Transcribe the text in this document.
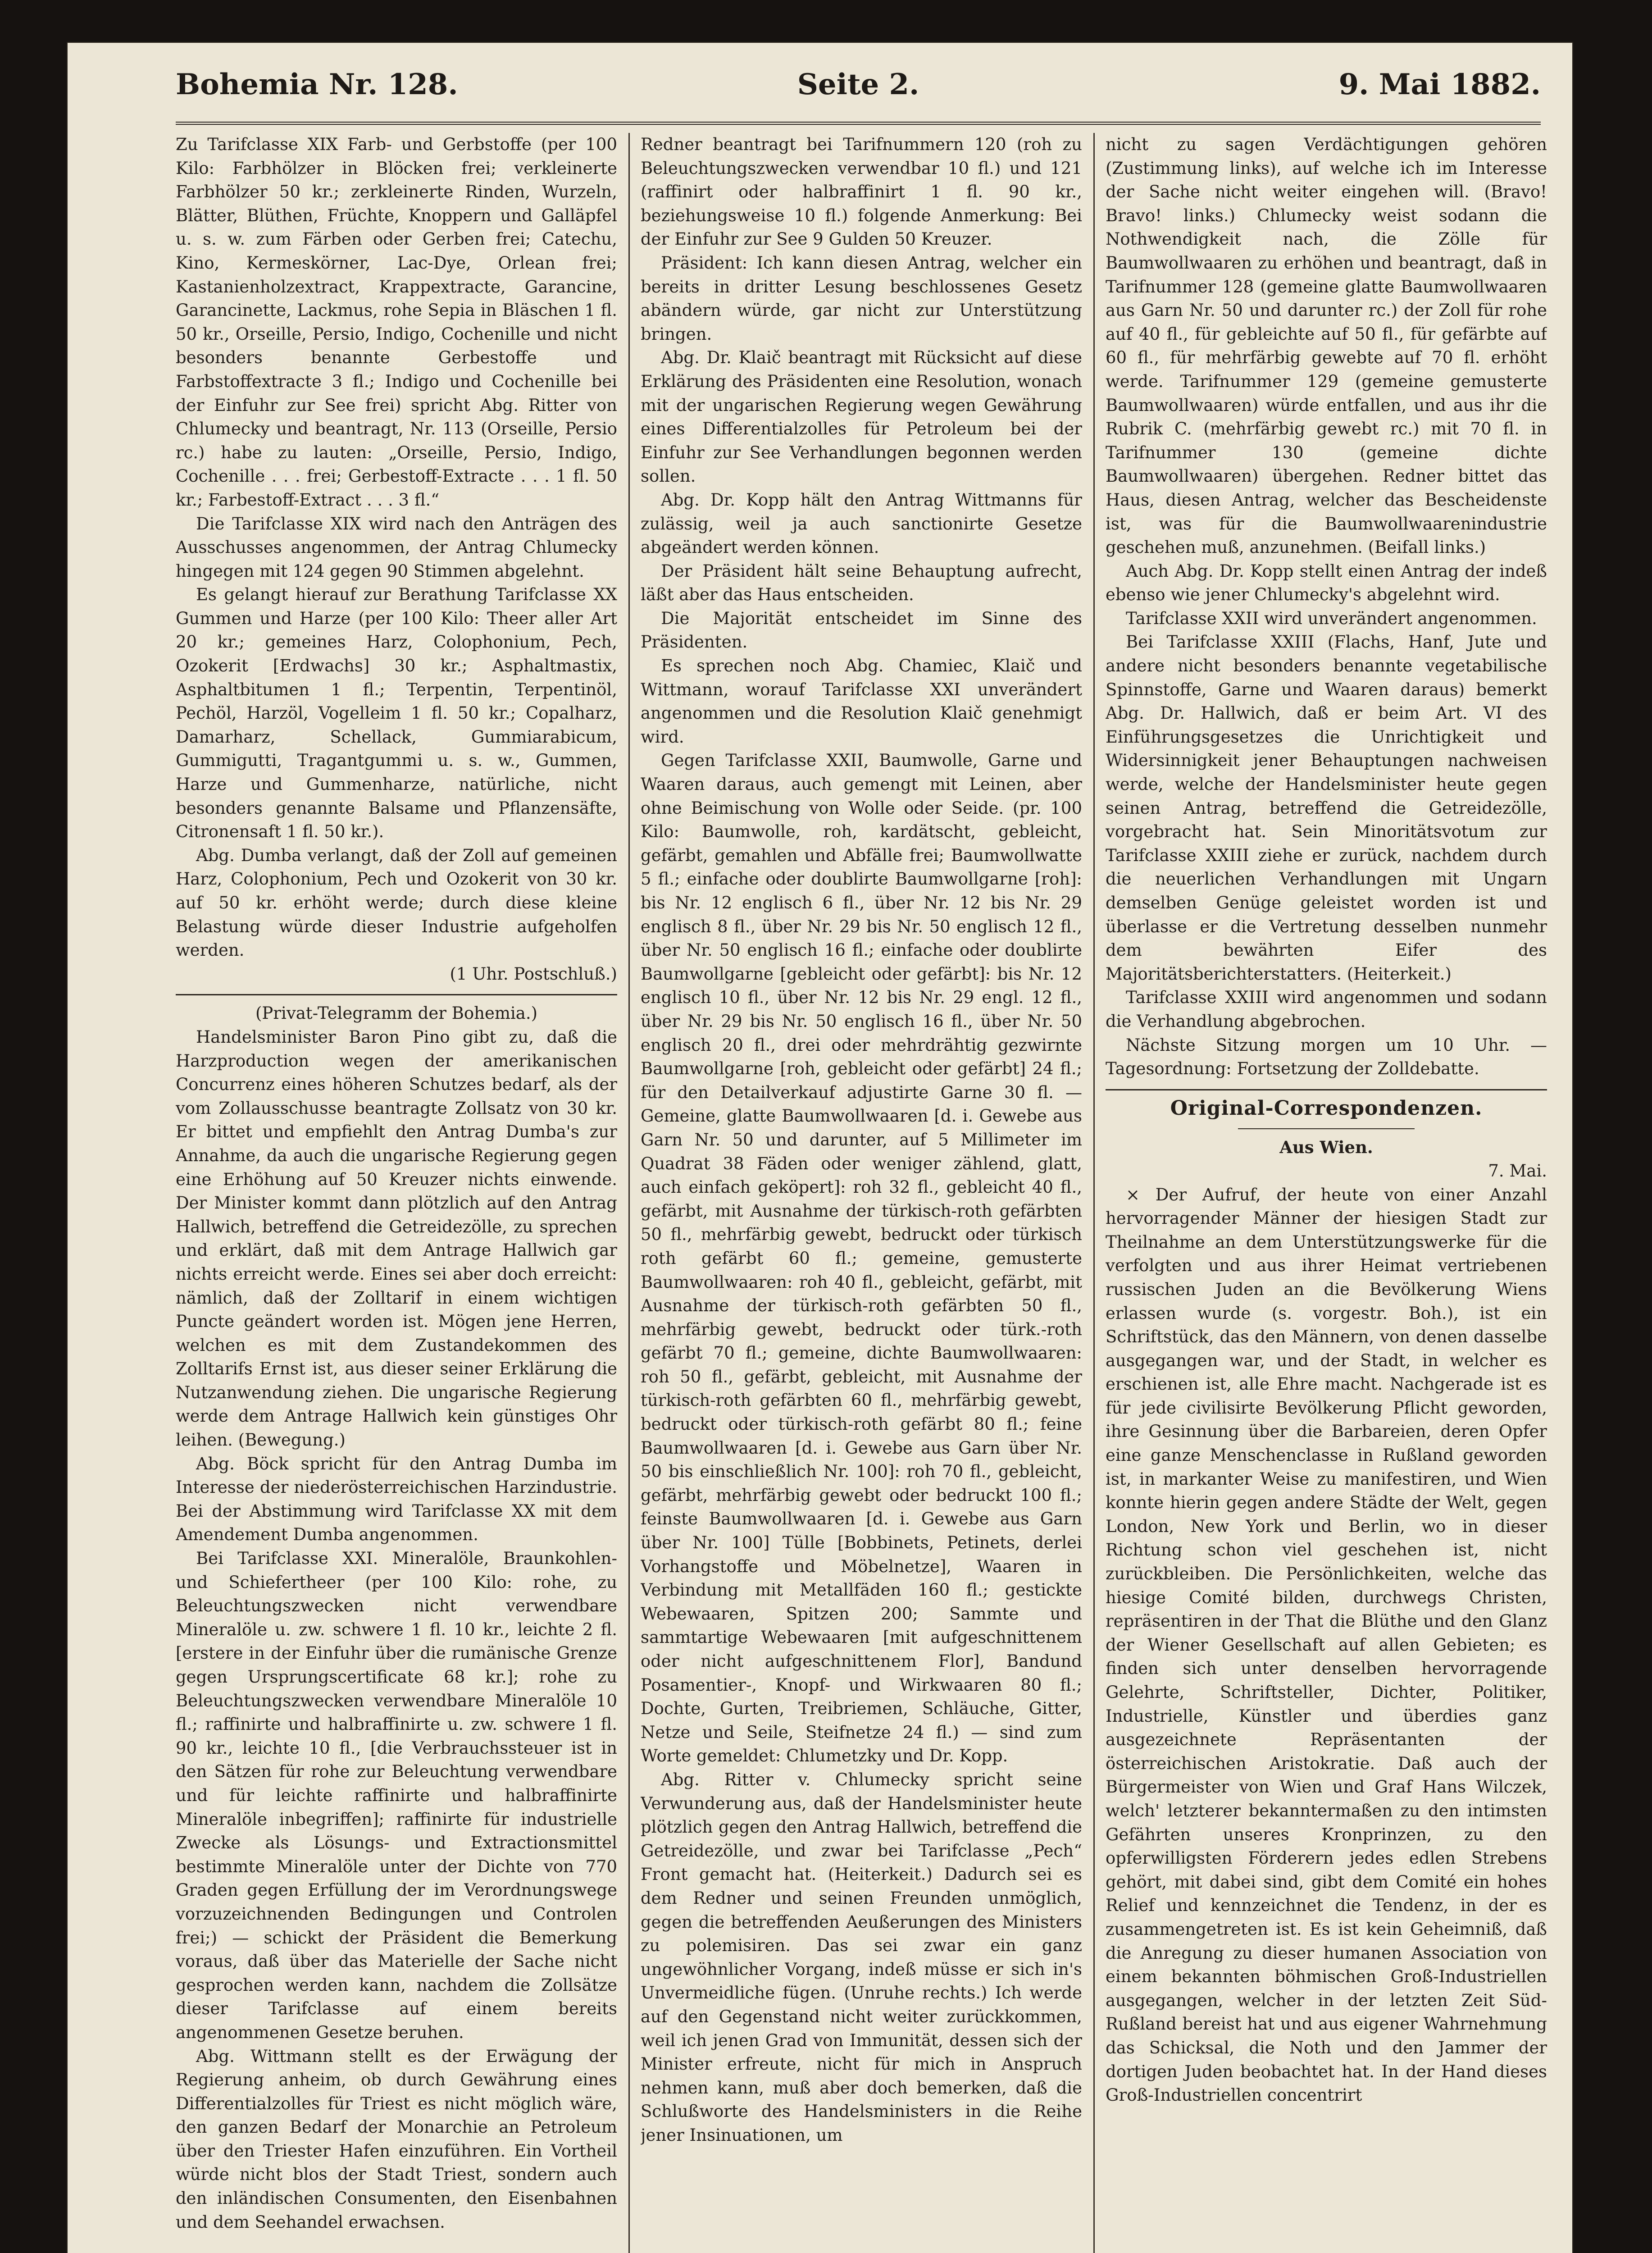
Bohemia Nr. 128.	Seite 2.	9. Mai 1882.

Zu Tarifclasse XIX Farb- und Gerbstoffe (per 100 Kilo: Farbhölzer in Blöcken frei; verkleinerte Farbhölzer 50 kr.; zerkleinerte Rinden, Wurzeln, Blätter, Blüthen, Früchte, Knoppern und Galläpfel u. s. w. zum Färben oder Gerben frei; Catechu, Kino, Kermeskörner, Lac-Dye, Orlean frei; Kastanienholzextract, Krappextracte, Garancine, Garancinette, Lackmus, rohe Sepia in Bläschen 1 fl. 50 kr., Orseille, Persio, Indigo, Cochenille und nicht besonders benannte Gerbestoffe und Farbstoffextracte 3 fl.; Indigo und Cochenille bei der Einfuhr zur See frei) spricht Abg. Ritter von Chlumecky und beantragt, Nr. 113 (Orseille, Persio rc.) habe zu lauten: „Orseille, Persio, Indigo, Cochenille . . . frei; Gerbestoff-Extracte . . . 1 fl. 50 kr.; Farbestoff-Extract . . . 3 fl.“

Die Tarifclasse XIX wird nach den Anträgen des Ausschusses angenommen, der Antrag Chlumecky hingegen mit 124 gegen 90 Stimmen abgelehnt.

Es gelangt hierauf zur Berathung Tarifclasse XX Gummen und Harze (per 100 Kilo: Theer aller Art 20 kr.; gemeines Harz, Colophonium, Pech, Ozokerit [Erdwachs] 30 kr.; Asphaltmastix, Asphaltbitumen 1 fl.; Terpentin, Terpentinöl, Pechöl, Harzöl, Vogelleim 1 fl. 50 kr.; Copalharz, Damarharz, Schellack, Gummiarabicum, Gummigutti, Tragantgummi u. s. w., Gummen, Harze und Gummenharze, natürliche, nicht besonders genannte Balsame und Pflanzensäfte, Citronensaft 1 fl. 50 kr.).

Abg. Dumba verlangt, daß der Zoll auf gemeinen Harz, Colophonium, Pech und Ozokerit von 30 kr. auf 50 kr. erhöht werde; durch diese kleine Belastung würde dieser Industrie aufgeholfen werden.

(1 Uhr. Postschluß.)

(Privat-Telegramm der Bohemia.)

Handelsminister Baron Pino gibt zu, daß die Harzproduction wegen der amerikanischen Concurrenz eines höheren Schutzes bedarf, als der vom Zollausschusse beantragte Zollsatz von 30 kr. Er bittet und empfiehlt den Antrag Dumba's zur Annahme, da auch die ungarische Regierung gegen eine Erhöhung auf 50 Kreuzer nichts einwende. Der Minister kommt dann plötzlich auf den Antrag Hallwich, betreffend die Getreidezölle, zu sprechen und erklärt, daß mit dem Antrage Hallwich gar nichts erreicht werde. Eines sei aber doch erreicht: nämlich, daß der Zolltarif in einem wichtigen Puncte geändert worden ist. Mögen jene Herren, welchen es mit dem Zustandekommen des Zolltarifs Ernst ist, aus dieser seiner Erklärung die Nutzanwendung ziehen. Die ungarische Regierung werde dem Antrage Hallwich kein günstiges Ohr leihen. (Bewegung.)

Abg. Böck spricht für den Antrag Dumba im Interesse der niederösterreichischen Harzindustrie. Bei der Abstimmung wird Tarifclasse XX mit dem Amendement Dumba angenommen.

Bei Tarifclasse XXI. Mineralöle, Braunkohlen- und Schiefertheer (per 100 Kilo: rohe, zu Beleuchtungszwecken nicht verwendbare Mineralöle u. zw. schwere 1 fl. 10 kr., leichte 2 fl. [erstere in der Einfuhr über die rumänische Grenze gegen Ursprungscertificate 68 kr.]; rohe zu Beleuchtungszwecken verwendbare Mineralöle 10 fl.; raffinirte und halbraffinirte u. zw. schwere 1 fl. 90 kr., leichte 10 fl., [die Verbrauchssteuer ist in den Sätzen für rohe zur Beleuchtung verwendbare und für leichte raffinirte und halbraffinirte Mineralöle inbegriffen]; raffinirte für industrielle Zwecke als Lösungs- und Extractionsmittel bestimmte Mineralöle unter der Dichte von 770 Graden gegen Erfüllung der im Verordnungswege vorzuzeichnenden Bedingungen und Controlen frei;) — schickt der Präsident die Bemerkung voraus, daß über das Materielle der Sache nicht gesprochen werden kann, nachdem die Zollsätze dieser Tarifclasse auf einem bereits angenommenen Gesetze beruhen.

Abg. Wittmann stellt es der Erwägung der Regierung anheim, ob durch Gewährung eines Differentialzolles für Triest es nicht möglich wäre, den ganzen Bedarf der Monarchie an Petroleum über den Triester Hafen einzuführen. Ein Vortheil würde nicht blos der Stadt Triest, sondern auch den inländischen Consumenten, den Eisenbahnen und dem Seehandel erwachsen.

Redner beantragt bei Tarifnummern 120 (roh zu Beleuchtungszwecken verwendbar 10 fl.) und 121 (raffinirt oder halbraffinirt 1 fl. 90 kr., beziehungsweise 10 fl.) folgende Anmerkung: Bei der Einfuhr zur See 9 Gulden 50 Kreuzer.

Präsident: Ich kann diesen Antrag, welcher ein bereits in dritter Lesung beschlossenes Gesetz abändern würde, gar nicht zur Unterstützung bringen.

Abg. Dr. Klaič beantragt mit Rücksicht auf diese Erklärung des Präsidenten eine Resolution, wonach mit der ungarischen Regierung wegen Gewährung eines Differentialzolles für Petroleum bei der Einfuhr zur See Verhandlungen begonnen werden sollen.

Abg. Dr. Kopp hält den Antrag Wittmanns für zulässig, weil ja auch sanctionirte Gesetze abgeändert werden können.

Der Präsident hält seine Behauptung aufrecht, läßt aber das Haus entscheiden.

Die Majorität entscheidet im Sinne des Präsidenten.

Es sprechen noch Abg. Chamiec, Klaič und Wittmann, worauf Tarifclasse XXI unverändert angenommen und die Resolution Klaič genehmigt wird.

Gegen Tarifclasse XXII, Baumwolle, Garne und Waaren daraus, auch gemengt mit Leinen, aber ohne Beimischung von Wolle oder Seide. (pr. 100 Kilo: Baumwolle, roh, kardätscht, gebleicht, gefärbt, gemahlen und Abfälle frei; Baumwollwatte 5 fl.; einfache oder doublirte Baumwollgarne [roh]: bis Nr. 12 englisch 6 fl., über Nr. 12 bis Nr. 29 englisch 8 fl., über Nr. 29 bis Nr. 50 englisch 12 fl., über Nr. 50 englisch 16 fl.; einfache oder doublirte Baumwollgarne [gebleicht oder gefärbt]: bis Nr. 12 englisch 10 fl., über Nr. 12 bis Nr. 29 engl. 12 fl., über Nr. 29 bis Nr. 50 englisch 16 fl., über Nr. 50 englisch 20 fl., drei oder mehrdrähtig gezwirnte Baumwollgarne [roh, gebleicht oder gefärbt] 24 fl.; für den Detailverkauf adjustirte Garne 30 fl. — Gemeine, glatte Baumwollwaaren [d. i. Gewebe aus Garn Nr. 50 und darunter, auf 5 Millimeter im Quadrat 38 Fäden oder weniger zählend, glatt, auch einfach geköpert]: roh 32 fl., gebleicht 40 fl., gefärbt, mit Ausnahme der türkisch-roth gefärbten 50 fl., mehrfärbig gewebt, bedruckt oder türkisch roth gefärbt 60 fl.; gemeine, gemusterte Baumwollwaaren: roh 40 fl., gebleicht, gefärbt, mit Ausnahme der türkisch-roth gefärbten 50 fl., mehrfärbig gewebt, bedruckt oder türk.-roth gefärbt 70 fl.; gemeine, dichte Baumwollwaaren: roh 50 fl., gefärbt, gebleicht, mit Ausnahme der türkisch-roth gefärbten 60 fl., mehrfärbig gewebt, bedruckt oder türkisch-roth gefärbt 80 fl.; feine Baumwollwaaren [d. i. Gewebe aus Garn über Nr. 50 bis einschließlich Nr. 100]: roh 70 fl., gebleicht, gefärbt, mehrfärbig gewebt oder bedruckt 100 fl.; feinste Baumwollwaaren [d. i. Gewebe aus Garn über Nr. 100] Tülle [Bobbinets, Petinets, derlei Vorhangstoffe und Möbelnetze], Waaren in Verbindung mit Metallfäden 160 fl.; gestickte Webewaaren, Spitzen 200; Sammte und sammtartige Webewaaren [mit aufgeschnittenem oder nicht aufgeschnittenem Flor], Bandund Posamentier-, Knopf- und Wirkwaaren 80 fl.; Dochte, Gurten, Treibriemen, Schläuche, Gitter, Netze und Seile, Steifnetze 24 fl.) — sind zum Worte gemeldet: Chlumetzky und Dr. Kopp.

Abg. Ritter v. Chlumecky spricht seine Verwunderung aus, daß der Handelsminister heute plötzlich gegen den Antrag Hallwich, betreffend die Getreidezölle, und zwar bei Tarifclasse „Pech“ Front gemacht hat. (Heiterkeit.) Dadurch sei es dem Redner und seinen Freunden unmöglich, gegen die betreffenden Aeußerungen des Ministers zu polemisiren. Das sei zwar ein ganz ungewöhnlicher Vorgang, indeß müsse er sich in's Unvermeidliche fügen. (Unruhe rechts.) Ich werde auf den Gegenstand nicht weiter zurückkommen, weil ich jenen Grad von Immunität, dessen sich der Minister erfreute, nicht für mich in Anspruch nehmen kann, muß aber doch bemerken, daß die Schlußworte des Handelsministers in die Reihe jener Insinuationen, um

nicht zu sagen Verdächtigungen gehören (Zustimmung links), auf welche ich im Interesse der Sache nicht weiter eingehen will. (Bravo! Bravo! links.) Chlumecky weist sodann die Nothwendigkeit nach, die Zölle für Baumwollwaaren zu erhöhen und beantragt, daß in Tarifnummer 128 (gemeine glatte Baumwollwaaren aus Garn Nr. 50 und darunter rc.) der Zoll für rohe auf 40 fl., für gebleichte auf 50 fl., für gefärbte auf 60 fl., für mehrfärbig gewebte auf 70 fl. erhöht werde. Tarifnummer 129 (gemeine gemusterte Baumwollwaaren) würde entfallen, und aus ihr die Rubrik C. (mehrfärbig gewebt rc.) mit 70 fl. in Tarifnummer 130 (gemeine dichte Baumwollwaaren) übergehen. Redner bittet das Haus, diesen Antrag, welcher das Bescheidenste ist, was für die Baumwollwaarenindustrie geschehen muß, anzunehmen. (Beifall links.)

Auch Abg. Dr. Kopp stellt einen Antrag der indeß ebenso wie jener Chlumecky's abgelehnt wird.

Tarifclasse XXII wird unverändert angenommen.

Bei Tarifclasse XXIII (Flachs, Hanf, Jute und andere nicht besonders benannte vegetabilische Spinnstoffe, Garne und Waaren daraus) bemerkt Abg. Dr. Hallwich, daß er beim Art. VI des Einführungsgesetzes die Unrichtigkeit und Widersinnigkeit jener Behauptungen nachweisen werde, welche der Handelsminister heute gegen seinen Antrag, betreffend die Getreidezölle, vorgebracht hat. Sein Minoritätsvotum zur Tarifclasse XXIII ziehe er zurück, nachdem durch die neuerlichen Verhandlungen mit Ungarn demselben Genüge geleistet worden ist und überlasse er die Vertretung desselben nunmehr dem bewährten Eifer des Majoritätsberichterstatters. (Heiterkeit.)

Tarifclasse XXIII wird angenommen und sodann die Verhandlung abgebrochen.

Nächste Sitzung morgen um 10 Uhr. — Tagesordnung: Fortsetzung der Zolldebatte.

Original-Correspondenzen.

Aus Wien.

7. Mai.

× Der Aufruf, der heute von einer Anzahl hervorragender Männer der hiesigen Stadt zur Theilnahme an dem Unterstützungswerke für die verfolgten und aus ihrer Heimat vertriebenen russischen Juden an die Bevölkerung Wiens erlassen wurde (s. vorgestr. Boh.), ist ein Schriftstück, das den Männern, von denen dasselbe ausgegangen war, und der Stadt, in welcher es erschienen ist, alle Ehre macht. Nachgerade ist es für jede civilisirte Bevölkerung Pflicht geworden, ihre Gesinnung über die Barbareien, deren Opfer eine ganze Menschenclasse in Rußland geworden ist, in markanter Weise zu manifestiren, und Wien konnte hierin gegen andere Städte der Welt, gegen London, New York und Berlin, wo in dieser Richtung schon viel geschehen ist, nicht zurückbleiben. Die Persönlichkeiten, welche das hiesige Comité bilden, durchwegs Christen, repräsentiren in der That die Blüthe und den Glanz der Wiener Gesellschaft auf allen Gebieten; es finden sich unter denselben hervorragende Gelehrte, Schriftsteller, Dichter, Politiker, Industrielle, Künstler und überdies ganz ausgezeichnete Repräsentanten der österreichischen Aristokratie. Daß auch der Bürgermeister von Wien und Graf Hans Wilczek, welch' letzterer bekanntermaßen zu den intimsten Gefährten unseres Kronprinzen, zu den opferwilligsten Förderern jedes edlen Strebens gehört, mit dabei sind, gibt dem Comité ein hohes Relief und kennzeichnet die Tendenz, in der es zusammengetreten ist. Es ist kein Geheimniß, daß die Anregung zu dieser humanen Association von einem bekannten böhmischen Groß-Industriellen ausgegangen, welcher in der letzten Zeit Süd-Rußland bereist hat und aus eigener Wahrnehmung das Schicksal, die Noth und den Jammer der dortigen Juden beobachtet hat. In der Hand dieses Groß-Industriellen concentrirt
